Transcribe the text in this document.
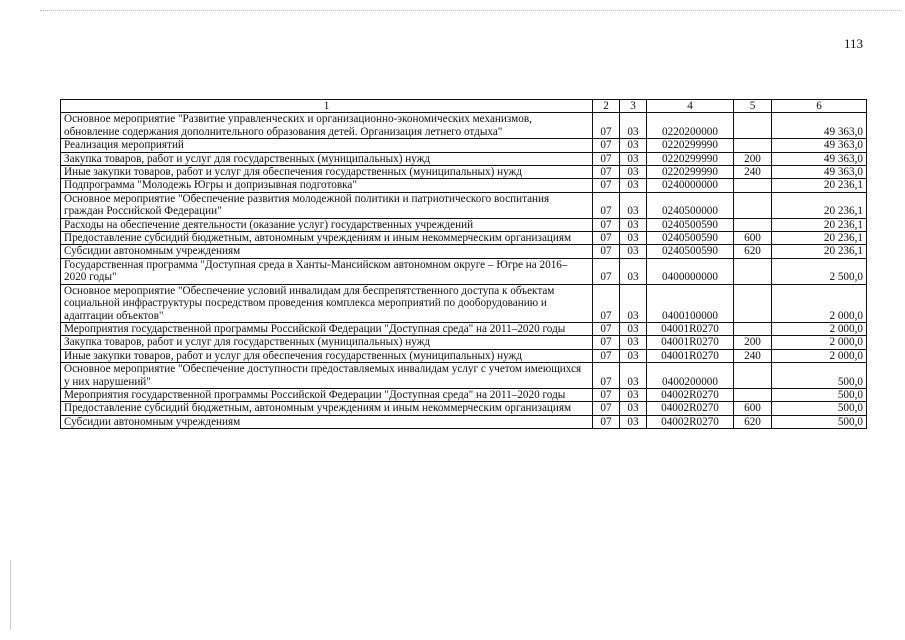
113
1	2	3	4	5	6
Основное мероприятие "Развитие управленческих и организационно-экономических механизмов, обновление содержания дополнительного образования детей. Организация летнего отдыха"	07	03	0220200000		49 363,0
Реализация мероприятий	07	03	0220299990		49 363,0
Закупка товаров, работ и услуг для государственных (муниципальных) нужд	07	03	0220299990	200	49 363,0
Иные закупки товаров, работ и услуг для обеспечения государственных (муниципальных) нужд	07	03	0220299990	240	49 363,0
Подпрограмма "Молодежь Югры и допризывная подготовка"	07	03	0240000000		20 236,1
Основное мероприятие "Обеспечение развития молодежной политики и патриотического воспитания граждан Российской Федерации"	07	03	0240500000		20 236,1
Расходы на обеспечение деятельности (оказание услуг) государственных учреждений	07	03	0240500590		20 236,1
Предоставление субсидий бюджетным, автономным учреждениям и иным некоммерческим организациям	07	03	0240500590	600	20 236,1
Субсидии автономным учреждениям	07	03	0240500590	620	20 236,1
Государственная программа "Доступная среда в Ханты-Мансийском автономном округе – Югре на 2016–2020 годы"	07	03	0400000000		2 500,0
Основное мероприятие "Обеспечение условий инвалидам для беспрепятственного доступа к объектам социальной инфраструктуры посредством проведения комплекса мероприятий по дооборудованию и адаптации объектов"	07	03	0400100000		2 000,0
Мероприятия государственной программы Российской Федерации "Доступная среда" на 2011–2020 годы	07	03	04001R0270		2 000,0
Закупка товаров, работ и услуг для государственных (муниципальных) нужд	07	03	04001R0270	200	2 000,0
Иные закупки товаров, работ и услуг для обеспечения государственных (муниципальных) нужд	07	03	04001R0270	240	2 000,0
Основное мероприятие "Обеспечение доступности предоставляемых инвалидам услуг с учетом имеющихся у них нарушений"	07	03	0400200000		500,0
Мероприятия государственной программы Российской Федерации "Доступная среда" на 2011–2020 годы	07	03	04002R0270		500,0
Предоставление субсидий бюджетным, автономным учреждениям и иным некоммерческим организациям	07	03	04002R0270	600	500,0
Субсидии автономным учреждениям	07	03	04002R0270	620	500,0
